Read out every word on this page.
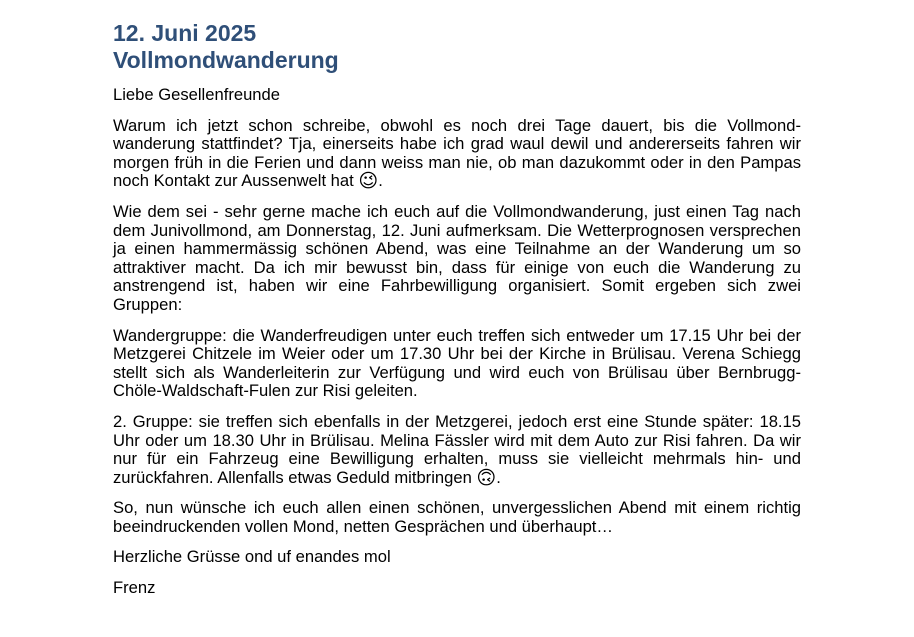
12. Juni 2025
Vollmondwanderung

Liebe Gesellenfreunde

Warum ich jetzt schon schreibe, obwohl es noch drei Tage dauert, bis die Vollmondwanderung stattfindet? Tja, einerseits habe ich grad waul dewil und andererseits fahren wir morgen früh in die Ferien und dann weiss man nie, ob man dazukommt oder in den Pampas noch Kontakt zur Aussenwelt hat 😉.

Wie dem sei - sehr gerne mache ich euch auf die Vollmondwanderung, just einen Tag nach dem Junivollmond, am Donnerstag, 12. Juni aufmerksam. Die Wetterprognosen versprechen ja einen hammermässig schönen Abend, was eine Teilnahme an der Wanderung um so attraktiver macht. Da ich mir bewusst bin, dass für einige von euch die Wanderung zu anstrengend ist, haben wir eine Fahrbewilligung organisiert. Somit ergeben sich zwei Gruppen:

Wandergruppe: die Wanderfreudigen unter euch treffen sich entweder um 17.15 Uhr bei der Metzgerei Chitzele im Weier oder um 17.30 Uhr bei der Kirche in Brülisau. Verena Schiegg stellt sich als Wanderleiterin zur Verfügung und wird euch von Brülisau über Bernbrugg-Chöle-Waldschaft-Fulen zur Risi geleiten.

2. Gruppe: sie treffen sich ebenfalls in der Metzgerei, jedoch erst eine Stunde später: 18.15 Uhr oder um 18.30 Uhr in Brülisau. Melina Fässler wird mit dem Auto zur Risi fahren. Da wir nur für ein Fahrzeug eine Bewilligung erhalten, muss sie vielleicht mehrmals hin- und zurückfahren. Allenfalls etwas Geduld mitbringen 🙃.

So, nun wünsche ich euch allen einen schönen, unvergesslichen Abend mit einem richtig beeindruckenden vollen Mond, netten Gesprächen und überhaupt…

Herzliche Grüsse ond uf enandes mol

Frenz
